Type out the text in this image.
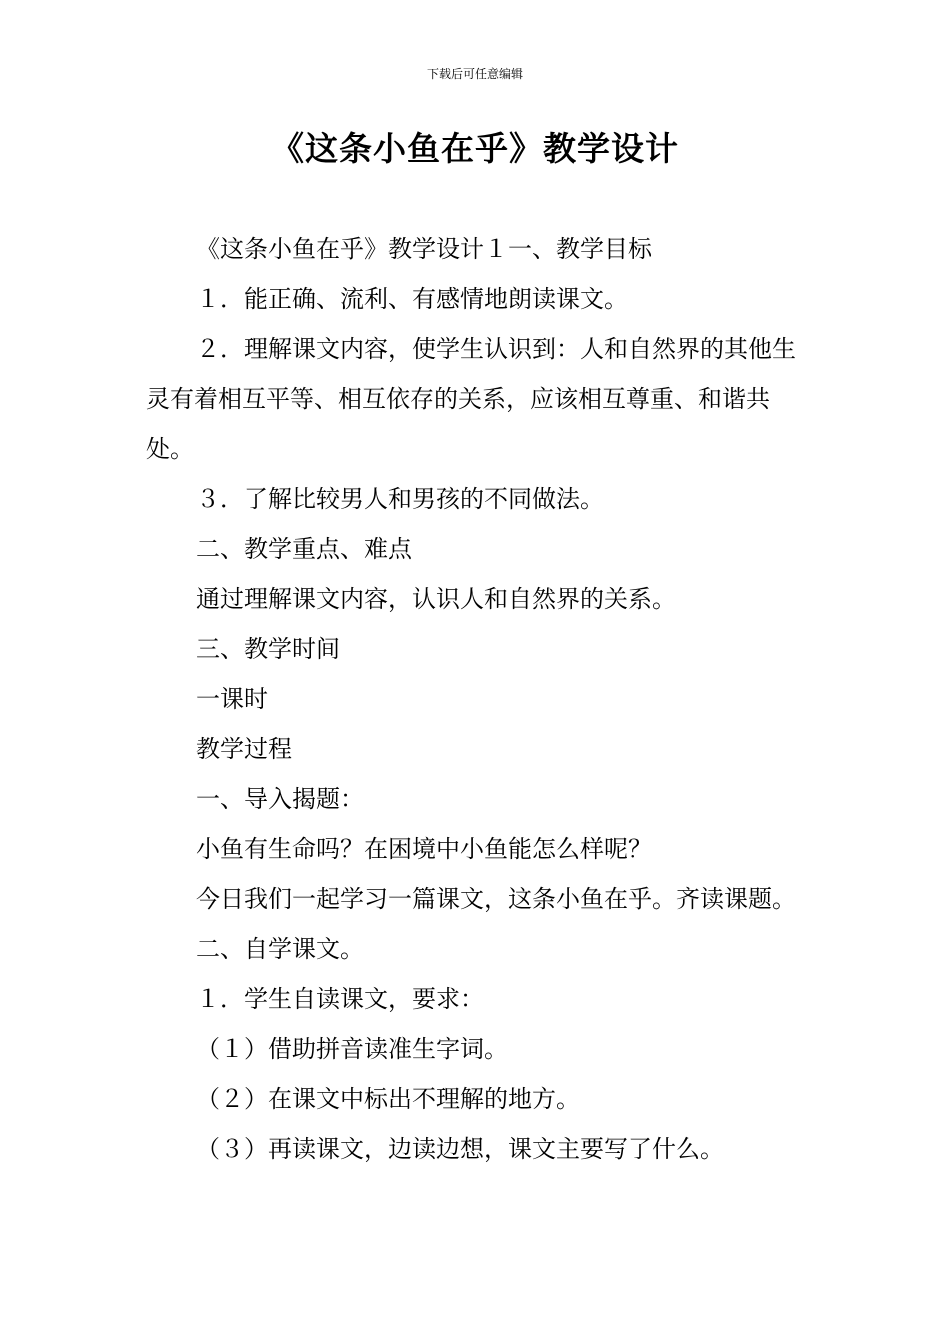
下载后可任意编辑
《这条小鱼在乎》教学设计

《这条小鱼在乎》教学设计１一、教学目标

１．能正确、流利、有感情地朗读课文。

２．理解课文内容，使学生认识到：人和自然界的其他生灵有着相互平等、相互依存的关系，应该相互尊重、和谐共处。

３．了解比较男人和男孩的不同做法。

二、教学重点、难点

通过理解课文内容，认识人和自然界的关系。

三、教学时间

一课时

教学过程

一、导入揭题：

小鱼有生命吗？在困境中小鱼能怎么样呢？

今日我们一起学习一篇课文，这条小鱼在乎。齐读课题。

二、自学课文。

１．学生自读课文，要求：

（１）借助拼音读准生字词。

（２）在课文中标出不理解的地方。

（３）再读课文，边读边想，课文主要写了什么。
